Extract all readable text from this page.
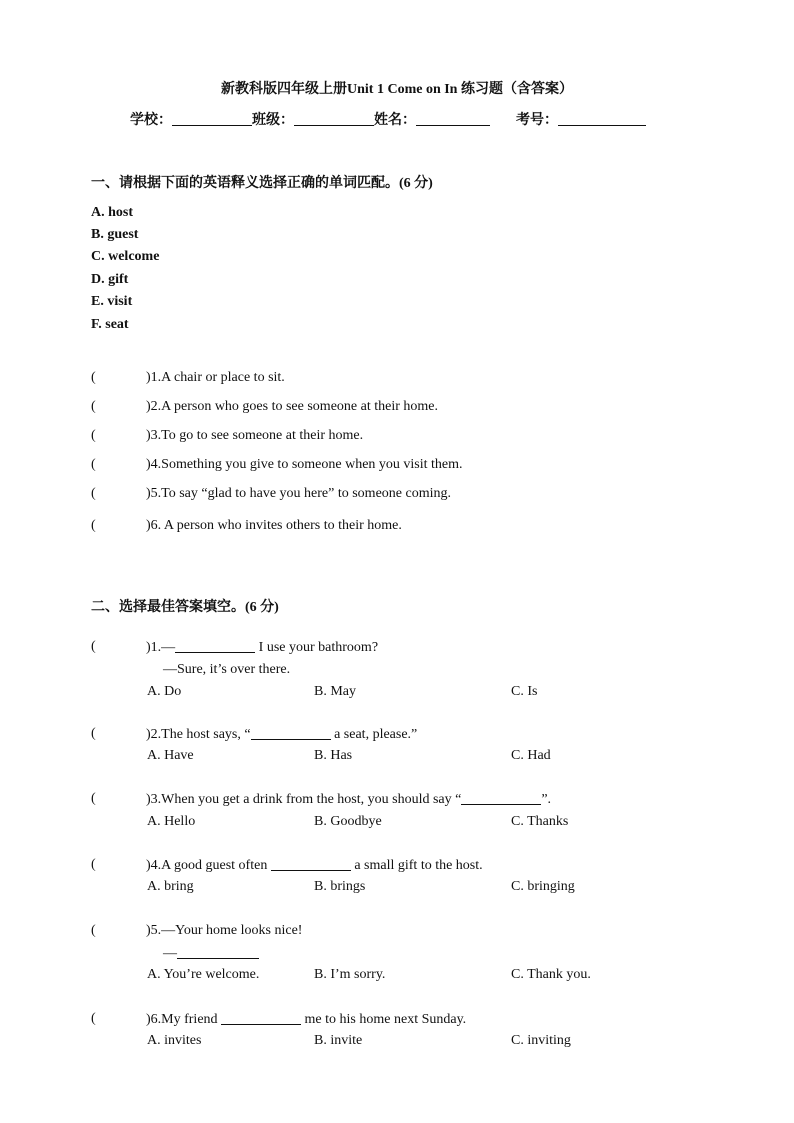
新教科版四年级上册Unit 1 Come on In 练习题（含答案）
学校：	班级：	姓名：	考号：
一、请根据下面的英语释义选择正确的单词匹配。(6 分)
A. host
B. guest
C. welcome
D. gift
E. visit
F. seat
(	)1.A chair or place to sit.
(	)2.A person who goes to see someone at their home.
(	)3.To go to see someone at their home.
(	)4.Something you give to someone when you visit them.
(	)5.To say “glad to have you here” to someone coming.
(	)6. A person who invites others to their home.
二、选择最佳答案填空。(6 分)
(	)1.—	I use your bathroom?
—Sure, it’s over there.
A. Do	B. May	C. Is
(	)2.The host says, “	a seat, please.”
A. Have	B. Has	C. Had
(	)3.When you get a drink from the host, you should say “	”.
A. Hello	B. Goodbye	C. Thanks
(	)4.A good guest often	a small gift to the host.
A. bring	B. brings	C. bringing
(	)5.—Your home looks nice!
—
A. You’re welcome.	B. I’m sorry.	C. Thank you.
(	)6.My friend	me to his home next Sunday.
A. invites	B. invite	C. inviting
